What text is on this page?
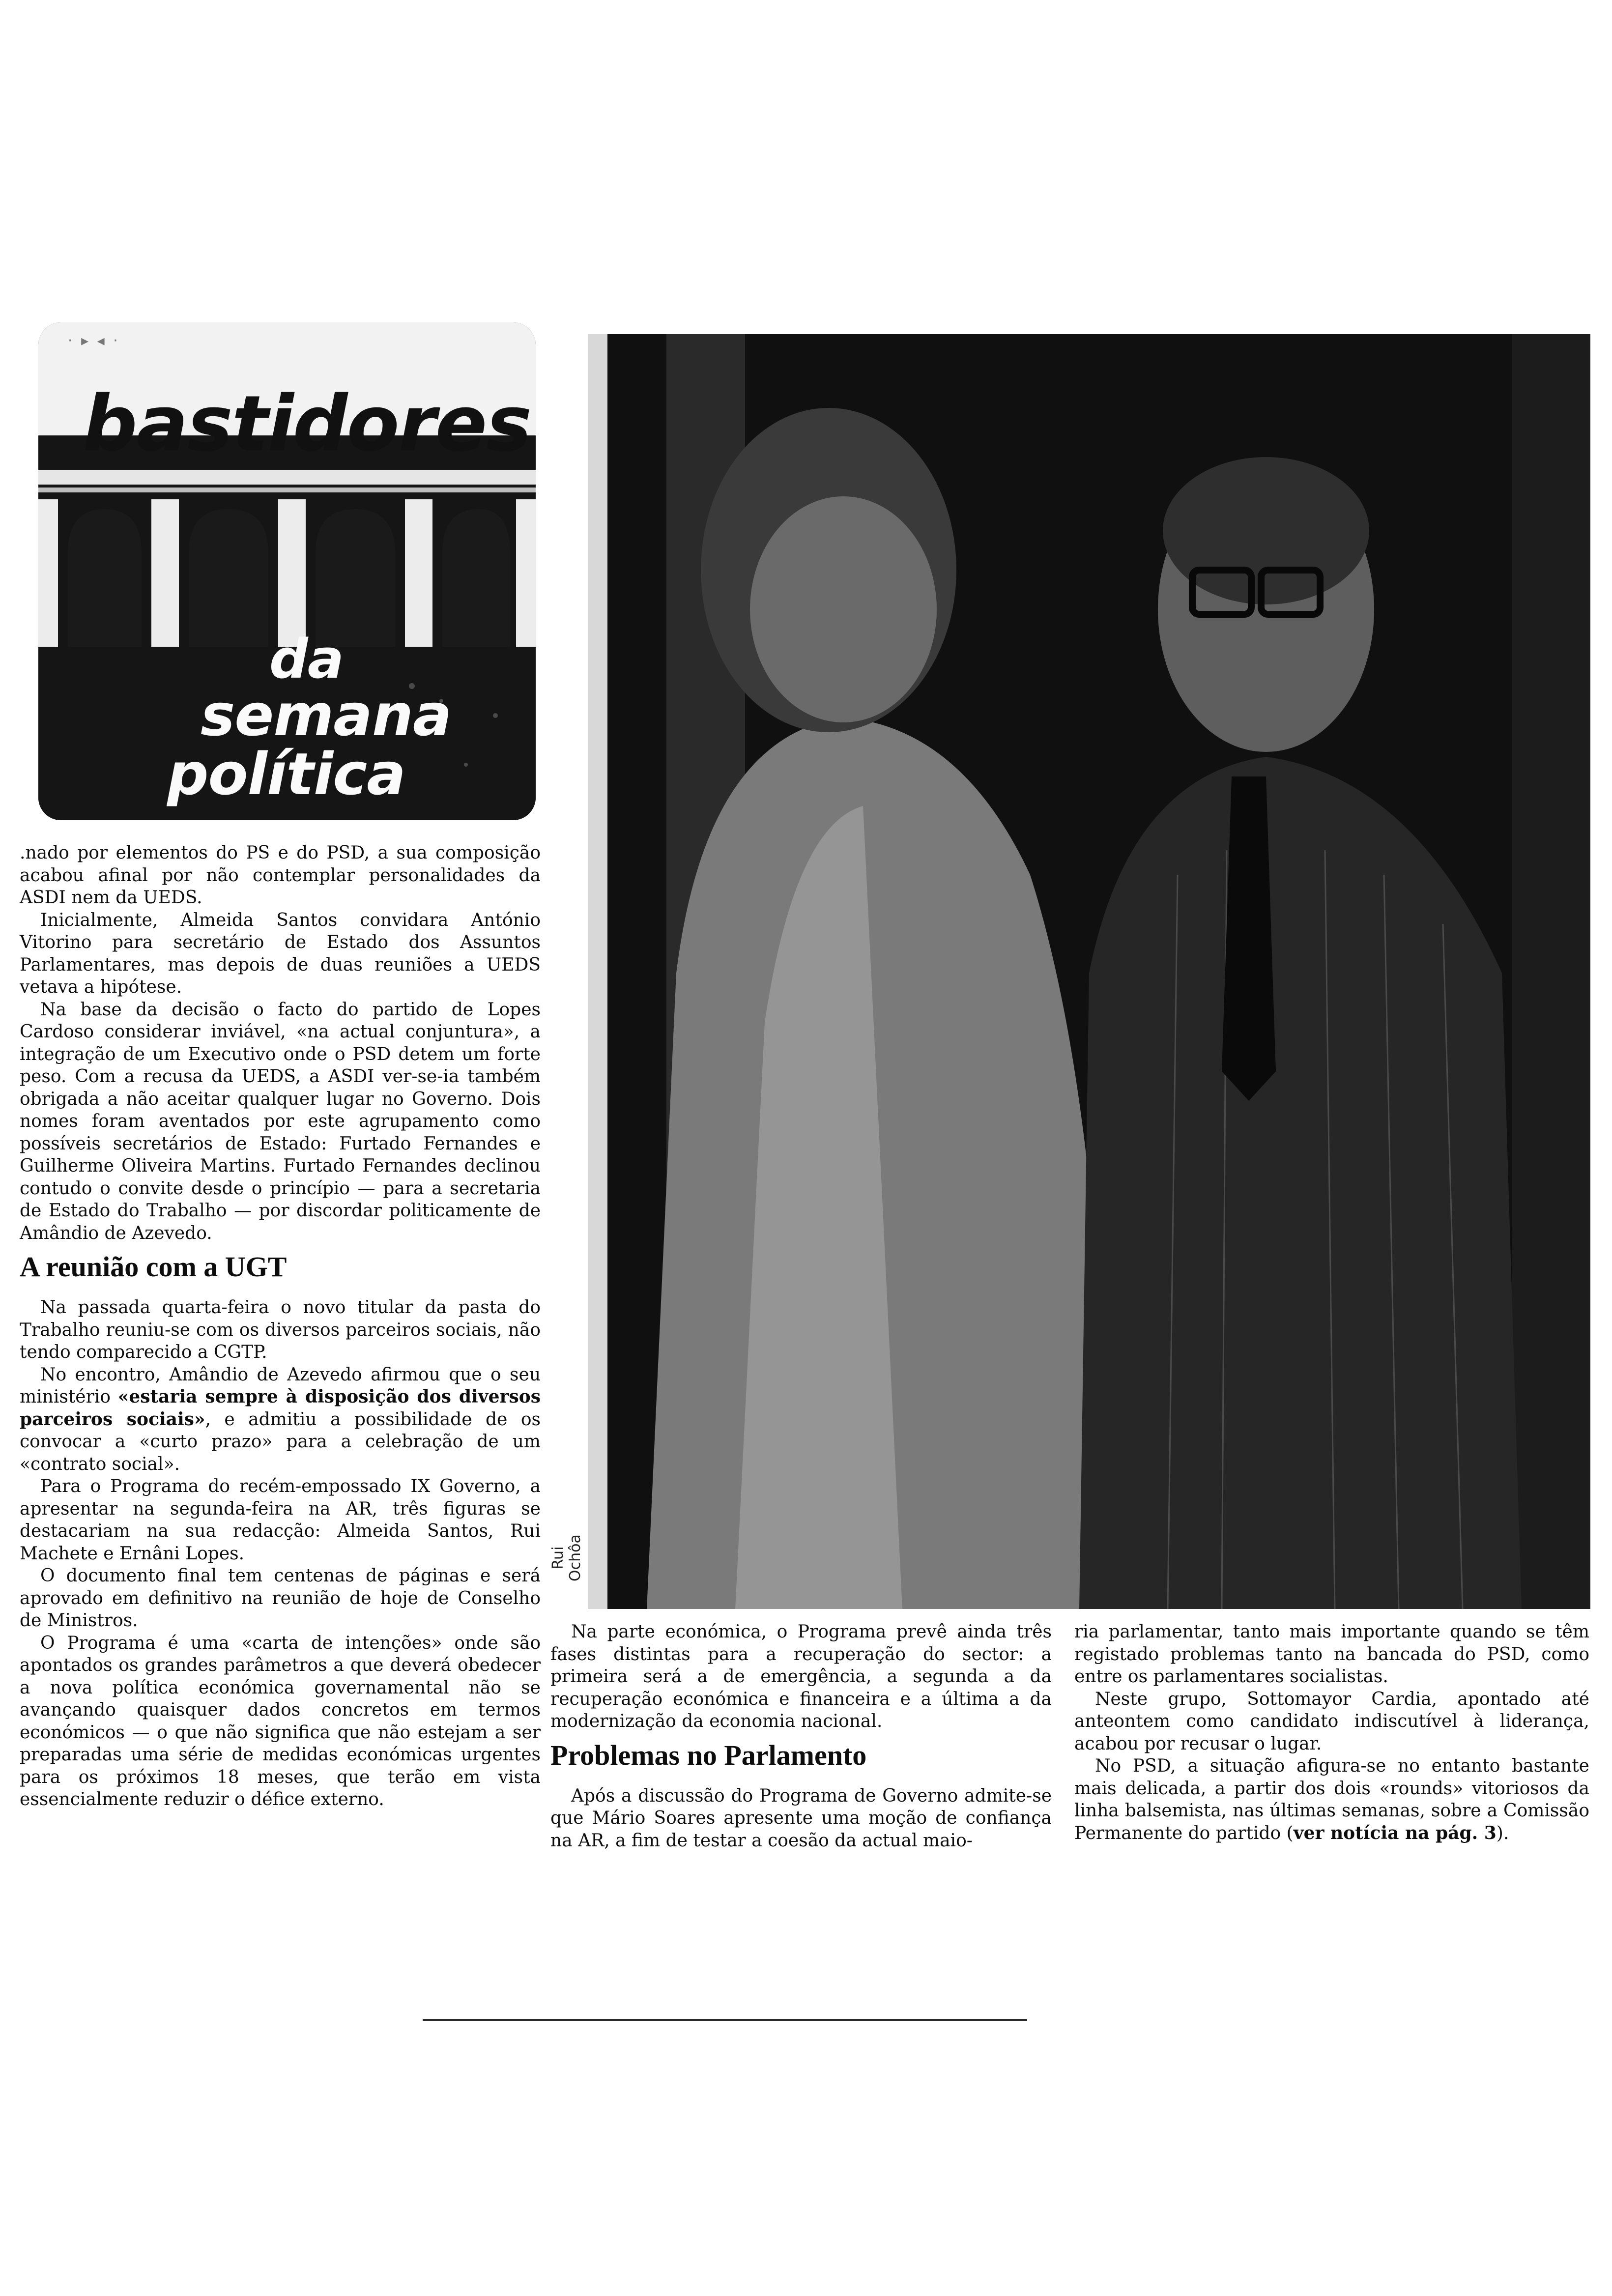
· ▸ ◂ ·
bastidores
da
semana
política

.nado por elementos do PS e do PSD, a sua composição acabou afinal por não contemplar personalidades da ASDI nem da UEDS.

Inicialmente, Almeida Santos convidara António Vitorino para secretário de Estado dos Assuntos Parlamentares, mas depois de duas reuniões a UEDS vetava a hipótese.

Na base da decisão o facto do partido de Lopes Cardoso considerar inviável, «na actual conjuntura», a integração de um Executivo onde o PSD detem um forte peso. Com a recusa da UEDS, a ASDI ver-se-ia também obrigada a não aceitar qualquer lugar no Governo. Dois nomes foram aventados por este agrupamento como possíveis secretários de Estado: Furtado Fernandes e Guilherme Oliveira Martins. Furtado Fernandes declinou contudo o convite desde o princípio — para a secretaria de Estado do Trabalho — por discordar politicamente de Amândio de Azevedo.

A reunião com a UGT

Na passada quarta-feira o novo titular da pasta do Trabalho reuniu-se com os diversos parceiros sociais, não tendo comparecido a CGTP.

No encontro, Amândio de Azevedo afirmou que o seu ministério «estaria sempre à disposição dos diversos parceiros sociais», e admitiu a possibilidade de os convocar a «curto prazo» para a celebração de um «contrato social».

Para o Programa do recém-empossado IX Governo, a apresentar na segunda-feira na AR, três figuras se destacariam na sua redacção: Almeida Santos, Rui Machete e Ernâni Lopes.

O documento final tem centenas de páginas e será aprovado em definitivo na reunião de hoje de Conselho de Ministros.

O Programa é uma «carta de intenções» onde são apontados os grandes parâmetros a que deverá obedecer a nova política económica governamental não se avançando quaisquer dados concretos em termos económicos — o que não significa que não estejam a ser preparadas uma série de medidas económicas urgentes para os próximos 18 meses, que terão em vista essencialmente reduzir o défice externo.

Rui Ochôa

Na parte económica, o Programa prevê ainda três fases distintas para a recuperação do sector: a primeira será a de emergência, a segunda a da recuperação económica e financeira e a última a da modernização da economia nacional.

Problemas no Parlamento

Após a discussão do Programa de Governo admite-se que Mário Soares apresente uma moção de confiança na AR, a fim de testar a coesão da actual maio-

ria parlamentar, tanto mais importante quando se têm registado problemas tanto na bancada do PSD, como entre os parlamentares socialistas.

Neste grupo, Sottomayor Cardia, apontado até anteontem como candidato indiscutível à liderança, acabou por recusar o lugar.

No PSD, a situação afigura-se no entanto bastante mais delicada, a partir dos dois «rounds» vitoriosos da linha balsemista, nas últimas semanas, sobre a Comissão Permanente do partido (ver notícia na pág. 3).
